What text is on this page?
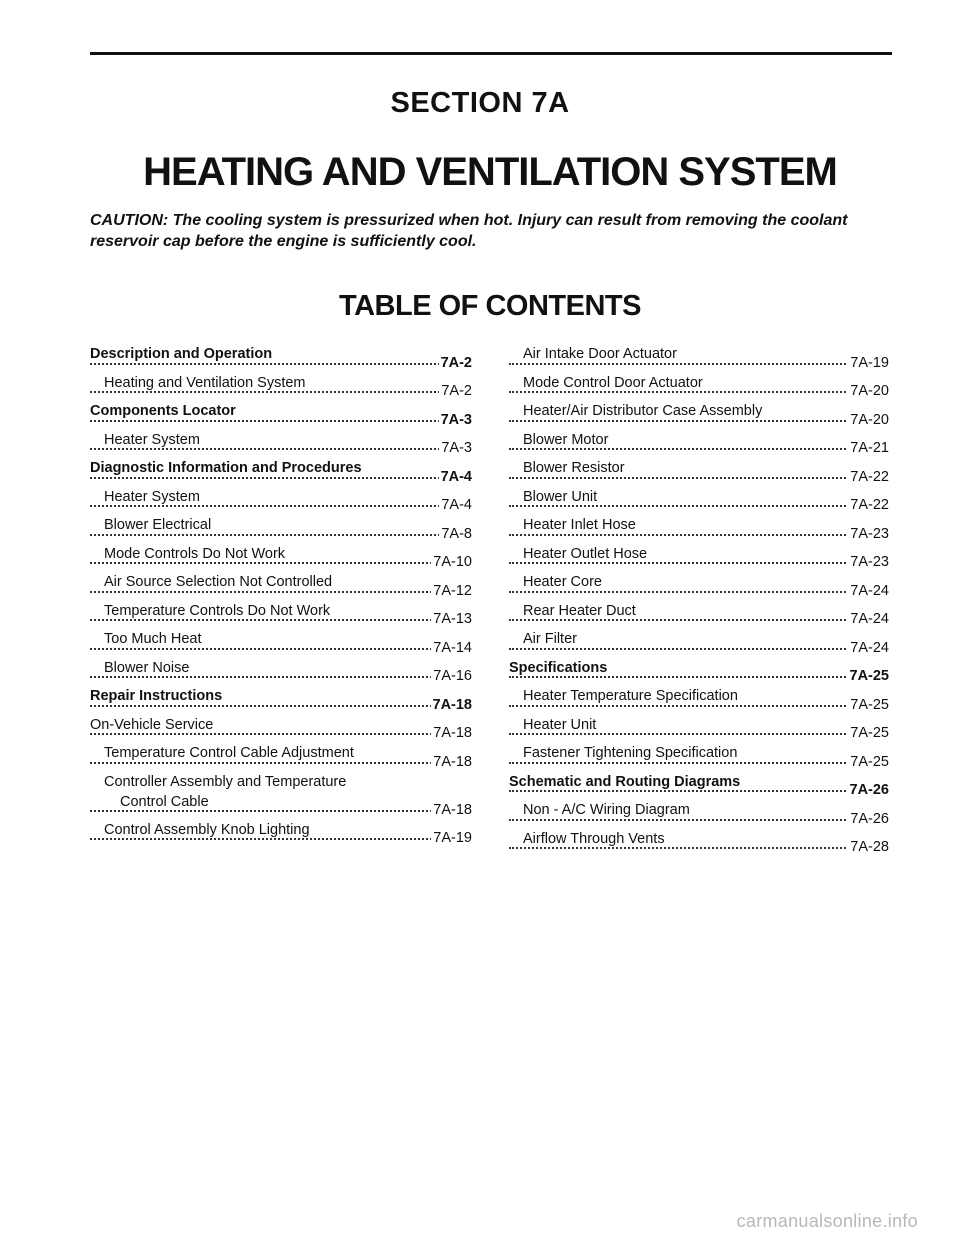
SECTION 7A
HEATING AND VENTILATION SYSTEM
CAUTION: The cooling system is pressurized when hot. Injury can result from removing the coolant reservoir cap before the engine is sufficiently cool.
TABLE OF CONTENTS
Description and Operation
7A-2
Heating and Ventilation System
7A-2
Components Locator
7A-3
Heater System
7A-3
Diagnostic Information and Procedures
7A-4
Heater System
7A-4
Blower Electrical
7A-8
Mode Controls Do Not Work
7A-10
Air Source Selection Not Controlled
7A-12
Temperature Controls Do Not Work
7A-13
Too Much Heat
7A-14
Blower Noise
7A-16
Repair Instructions
7A-18
On-Vehicle Service
7A-18
Temperature Control Cable Adjustment
7A-18
Controller Assembly and Temperature
Control Cable	7A-18
Control Assembly Knob Lighting
7A-19
Air Intake Door Actuator
7A-19
Mode Control Door Actuator
7A-20
Heater/Air Distributor Case Assembly
7A-20
Blower Motor
7A-21
Blower Resistor
7A-22
Blower Unit
7A-22
Heater Inlet Hose
7A-23
Heater Outlet Hose
7A-23
Heater Core
7A-24
Rear Heater Duct
7A-24
Air Filter
7A-24
Specifications
7A-25
Heater Temperature Specification
7A-25
Heater Unit
7A-25
Fastener Tightening Specification
7A-25
Schematic and Routing Diagrams
7A-26
Non - A/C Wiring Diagram
7A-26
Airflow Through Vents
7A-28
carmanualsonline.info
